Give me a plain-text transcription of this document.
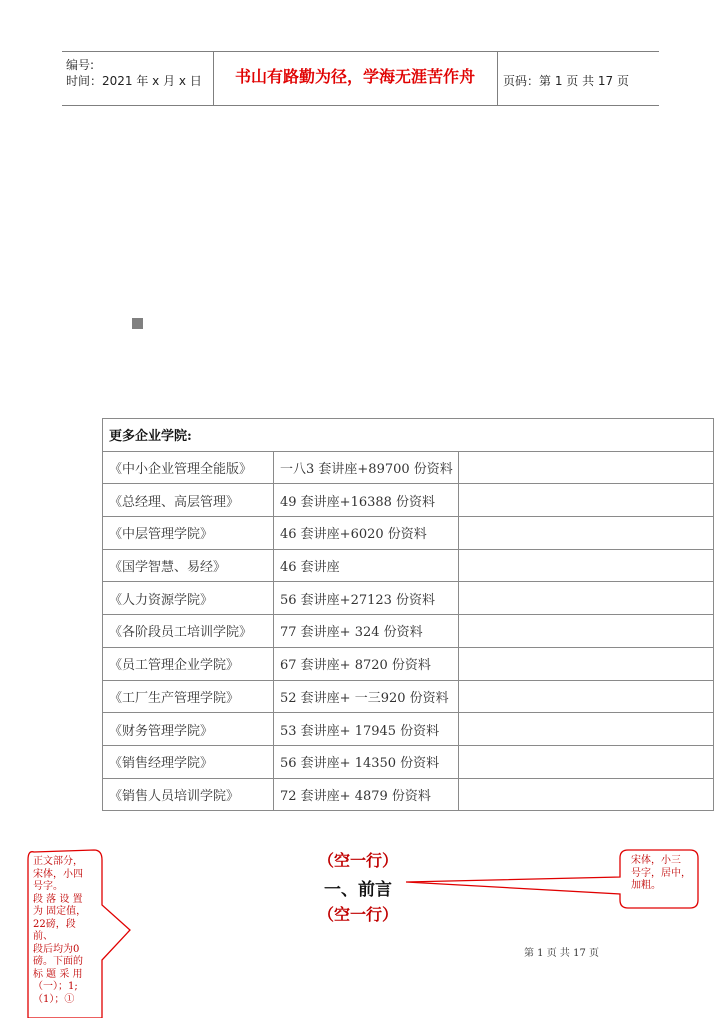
编号:
时间：2021 年 x 月 x 日	书山有路勤为径，学海无涯苦作舟	页码：第 1 页 共 17 页
更多企业学院:		
《中小企业管理全能版》	一八3 套讲座+89700 份资料	
《总经理、高层管理》	49 套讲座+16388 份资料	
《中层管理学院》	46 套讲座+6020 份资料	
《国学智慧、易经》	46 套讲座	
《人力资源学院》	56 套讲座+27123 份资料	
《各阶段员工培训学院》	77 套讲座+ 324 份资料	
《员工管理企业学院》	67 套讲座+ 8720 份资料	
《工厂生产管理学院》	52 套讲座+ 一三920 份资料	
《财务管理学院》	53 套讲座+ 17945 份资料	
《销售经理学院》	56 套讲座+ 14350 份资料	
《销售人员培训学院》	72 套讲座+ 4879 份资料	
（空一行）
一、前言
（空一行）
第 1 页 共 17 页
正文部分，
宋体，小四
号字。
段 落 设 置
为 固定值，
22磅，段前、
段后均为0
磅。下面的
标 题 采 用
（一）；1;
（1）；①
宋体，小三
号字，居中，
加粗。
